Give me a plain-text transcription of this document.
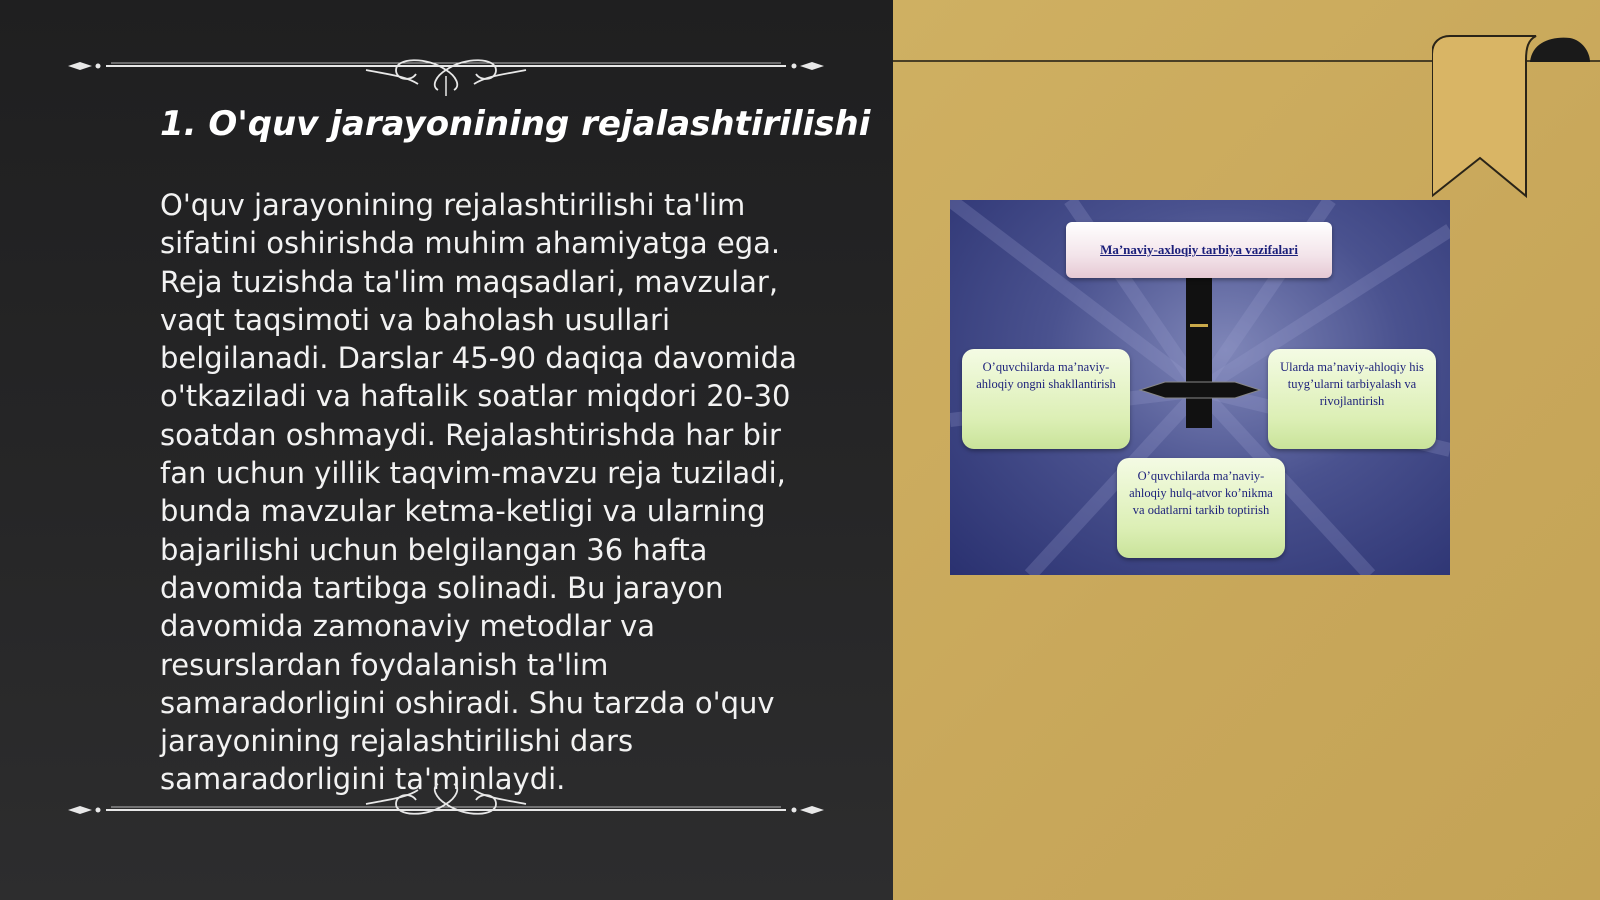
1. O'quv jarayonining rejalashtirilishi

O'quv jarayonining rejalashtirilishi ta'lim sifatini oshirishda muhim ahamiyatga ega. Reja tuzishda ta'lim maqsadlari, mavzular, vaqt taqsimoti va baholash usullari belgilanadi. Darslar 45-90 daqiqa davomida o'tkaziladi va haftalik soatlar miqdori 20-30 soatdan oshmaydi. Rejalashtirishda har bir fan uchun yillik taqvim-mavzu reja tuziladi, bunda mavzular ketma-ketligi va ularning bajarilishi uchun belgilangan 36 hafta davomida tartibga solinadi. Bu jarayon davomida zamonaviy metodlar va resurslardan foydalanish ta'lim samaradorligini oshiradi. Shu tarzda o'quv jarayonining rejalashtirilishi dars samaradorligini ta'minlaydi.

Ma’naviy-axloqiy tarbiya vazifalari
O’quvchilarda ma’naviy-ahloqiy ongni shakllantirish
Ularda ma’naviy-ahloqiy his tuyg’ularni tarbiyalash va rivojlantirish
O’quvchilarda ma’naviy-ahloqiy hulq-atvor ko’nikma va odatlarni tarkib toptirish
